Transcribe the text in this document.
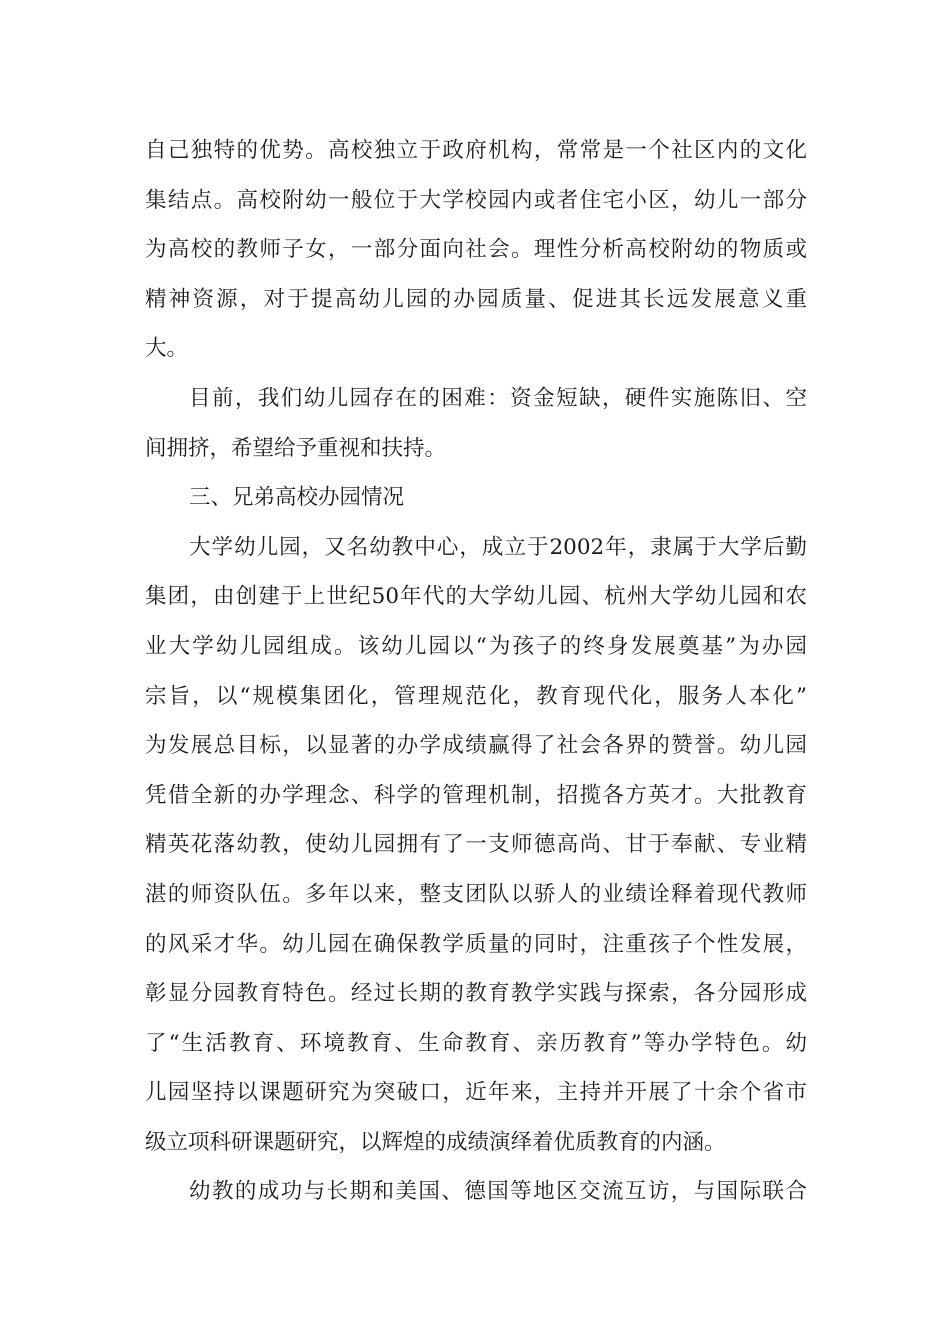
自己独特的优势。高校独立于政府机构，常常是一个社区内的文化
集结点。高校附幼一般位于大学校园内或者住宅小区，幼儿一部分
为高校的教师子女，一部分面向社会。理性分析高校附幼的物质或
精神资源，对于提高幼儿园的办园质量、促进其长远发展意义重
大。
目前，我们幼儿园存在的困难：资金短缺，硬件实施陈旧、空
间拥挤，希望给予重视和扶持。
三、兄弟高校办园情况
大学幼儿园，又名幼教中心，成立于2002年，隶属于大学后勤
集团，由创建于上世纪50年代的大学幼儿园、杭州大学幼儿园和农
业大学幼儿园组成。该幼儿园以“为孩子的终身发展奠基”为办园
宗旨，以“规模集团化，管理规范化，教育现代化，服务人本化”
为发展总目标，以显著的办学成绩赢得了社会各界的赞誉。幼儿园
凭借全新的办学理念、科学的管理机制，招揽各方英才。大批教育
精英花落幼教，使幼儿园拥有了一支师德高尚、甘于奉献、专业精
湛的师资队伍。多年以来，整支团队以骄人的业绩诠释着现代教师
的风采才华。幼儿园在确保教学质量的同时，注重孩子个性发展，
彰显分园教育特色。经过长期的教育教学实践与探索，各分园形成
了“生活教育、环境教育、生命教育、亲历教育”等办学特色。幼
儿园坚持以课题研究为突破口，近年来，主持并开展了十余个省市
级立项科研课题研究，以辉煌的成绩演绎着优质教育的内涵。
幼教的成功与长期和美国、德国等地区交流互访，与国际联合
